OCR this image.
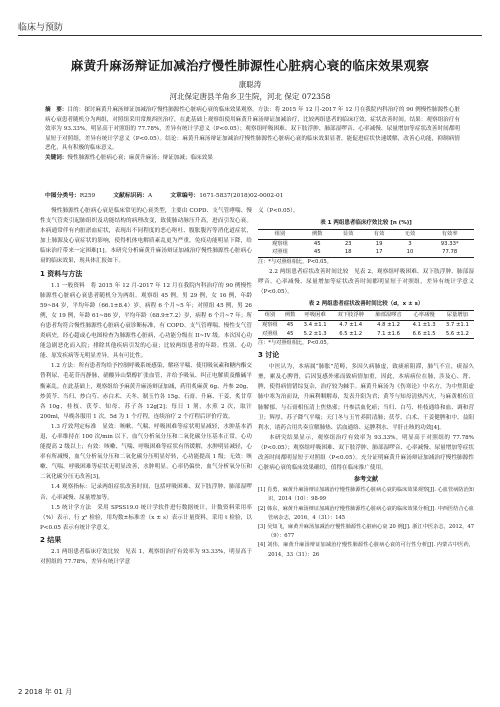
临床与预防
麻黄升麻汤辩证加减治疗慢性肺源性心脏病心衰的临床效果观察
康聪涛
河北保定唐县羊角乡卫生院，河北 保定 072358
摘　要：目的：探讨麻黄升麻汤辩证加减治疗慢性肺源性心脏病心衰的临床效果观察。方法：将 2015 年 12 月-2017 年 12 月在我院内科治疗的 90 例慢性肺源性心脏病心衰患者随机分为两组，对照组采用常规西医治疗，在此基础上观察组使用麻黄升麻汤辩证加减治疗，比较两组患者的临床疗效、症状改善时间。结果：观察组治疗有效率为 93.33%，明显高于对照组的 77.78%，差异有统计学意义（P<0.05）；观察组呼吸困难、双下肢浮肿、肺部湿啰音、心率减慢、尿量增加等症状改善时间都明显短于对照组，差异有统计学意义（P<0.05）。结论：麻黄升麻汤辩证加减治疗慢性肺源性心脏病心衰的临床效果显著，能促进症状快速缓解，改善心功能，抑制病情恶化，具有积极的临床意义。
关键词：慢性肺源性心脏病心衰；麻黄升麻汤；辩证加减；临床效果
中图分类号：R259	文献标识码：A	文章编号：1671-5837(2018)02-0002-01

慢性肺源性心脏病心衰是临床常见的心衰类型，主要由 COPD、支气管哮喘、慢性支气管炎引起肺组织及功能结构的病理改变，致使肺动脉压升高，进而引发心衰。本病通常伴有内脏淤血症状，表现出不同程度的恶心呕吐、腹胀腹泻等消化道症状，加上肺源及心衰症状的影响，使得机体电解质紊乱更为严重，免疫功能明显下降，给临床治疗带来一定困难[1]。本研究分析麻黄升麻汤辩证加减治疗慢性肺源性心脏病心衰的临床效果，现具体汇报如下。

1 资料与方法

1.1 一般资料　 将 2015 年 12 月-2017 年 12 月在我院内科治疗的 90 例慢性肺源性心脏病心衰患者随机分为两组。观察组 45 例，男 29 例，女 16 例，年龄 59~84 岁，平均年龄（66.1±8.4）岁，病程 6 个月~5 年；对照组 45 例，男 26 例，女 19 例，年龄 61~86 岁，平均年龄（68.9±7.2）岁，病程 6 个月~7 年；所有患者均符合慢性肺源性心脏病心衰诊断标准，有 COPD、支气管哮喘、慢性支气管炎病史，经心超或心电图检查为肺源性心脏病，心功能分级在 II~IV 级。本次因心功能急剧恶化而入院；排除其他疾病引发的心衰；比较两组患者的年龄、性别、心功能、原发疾病等无明显差异，具有可比性。

1.2 方法：所有患者均给予控制呼吸系统感染，解痉平喘、使用吸氧素和糖内酯交替利尿，毛花苷丙静脉，硝酸异山梨醇扩张血管，并给予吸氧、纠正电解质及酸碱平衡紊乱。在此基础上，观察组给予麻黄升麻汤辩证加减，药用炙麻黄 6g、丹参 20g、炒黄芩、当归、炒白芍、赤白术、天冬、制玉竹各 15g、石膏、升麻、干姜、炙甘草各 10g、桂枝、茯苓、知母、苏子各 12g[2]；每日 1 剂，水煎 2 次，取汁 200ml，早晚各服用 1 次，5d 为 1 个疗程，连续治疗 2 个疗程后评价疗效。

1.3 疗效判定标准　 显效：咳嗽、气喘、呼吸困难等症状明显减轻，水肿基本消退，心率维持在 100 次/min 以下，血气分析氧分压和二氧化碳分压基本正常，心功能提高 2 级以上；有效：咳嗽、气喘、呼吸困难等症状有所缓解，水肿明显减轻，心率有所减慢，血气分析氧分压和二氧化碳分压明显好转，心功能提高 1 级；无效：咳嗽、气喘、呼吸困难等症状无明显改善，水肿明显，心率仍偏快，血气分析氧分压和二氧化碳分压无改善[3]。

1.4 观察指标：记录两组症状改善时间，包括呼吸困难、双下肢浮肿、肺部湿啰音、心率减慢、尿量增加等。

1.5 统计学方法　 采用 SPSS19.0 统计学软件进行数据统计，计数资料采用率（%）表示，行 χ² 检验，用均数±标准差（x ± s）表示计量资料，采用 t 检验，以 P<0.05 表示有统计学意义。

2 结果

2.1 两组患者临床疗效比较　 见表 1，观察组治疗有效率为 93.33%，明显高于对照组的 77.78%，差异有统计学意

义（P<0.05）。

表 1 两组患者临床疗效比较 [n (%)]
组别	例数	显效	有效	无效	有效率
观察组	45	23	19	3	93.33*
对照组	45	18	17	10	77.78
注：*与对照组相比，P<0.05。

2.2 两组患者症状改善时间比较　 见表 2，观察组呼吸困难、双下肢浮肿、肺部湿啰音、心率减慢、尿量增加等症状改善时间都明显短于对照组，差异有统计学意义（P<0.05）。

表 2 两组患者症状改善时间比较（d，x ± s）
组别	例数	呼吸困难	双下肢浮肿	肺部湿啰音	心率减慢	尿量增加
观察组	45	3.4 ±1.1	4.7 ±1.4	4.8 ±1.2	4.1 ±1.3	3.7 ±1.1
对照组	45	5.2 ±1.3	6.5 ±1.2	7.1 ±1.6	6.6 ±1.5	5.6 ±1.2
注：*与对照组相比，P<0.05。
3 讨论

中医认为，本病属“肺胀”范畴，多因久病肺虚，致痰瘀阻滞，肺气不宣，痰湿久壅，累及心脾肾，后因复感外邪而致病情加重，因此，本病病位在肺，涉及心、肾、脾，使得病情错综复杂，治疗较为棘手。麻黄升麻汤为《伤寒论》中名方，为中焦阳虚肺中寒为治而设，升麻利咽解毒，发表升阳为君；黄芩与知母清热泻火，与麻黄相伍宣肺解郁、与石膏相伍清上焦热邪；丹参活血化瘀；当归、白芍、桂枝通络和血、调和营卫；辉厚、苏子降气平喘；天门冬与玉竹养阴清肺；茯苓、白术、干姜健脾和中、益阳利水，诸药合用共奏宣解肺热、活血通络、运脾利水、平肝止咳的功效[4]。

本研究结果显示，观察组治疗有效率为 93.33%，明显高于对照组的 77.78%（P<0.05）；观察组呼吸困难、双下肢浮肿、肺部湿啰音、心率减慢、尿量增加等症状改善时间都明显短于对照组（P<0.05）。充分证明麻黄升麻汤辩证加减治疗慢性肺源性心脏病心衰的临床效果确切，值得在临床推广使用。

参考文献
[1] 肖勇，麻黄升麻汤辩证加减治疗慢性肺源性心脏病心衰的临床效果观察[J]. 心血管病防治知识，2014（10）：98-99
[2] 韩东，麻黄升麻汤辩证加减治疗慢性肺源性心脏病心衰的临床效果分析[J]. 中西医结合心血管病杂志，2016，4（31）：145
[3] 吴知飞，麻黄升麻汤加减治疗慢性肺源性心脏病心衰 20 例[J]. 浙江中医杂志，2012，47（9）：677
[4] 刘伟，麻黄升麻汤辩证加减治疗慢性肺源性心脏病心衰的可行性分析[J]. 内蒙古中医药，2014，33（31）：26
2 2018 年 01 月
